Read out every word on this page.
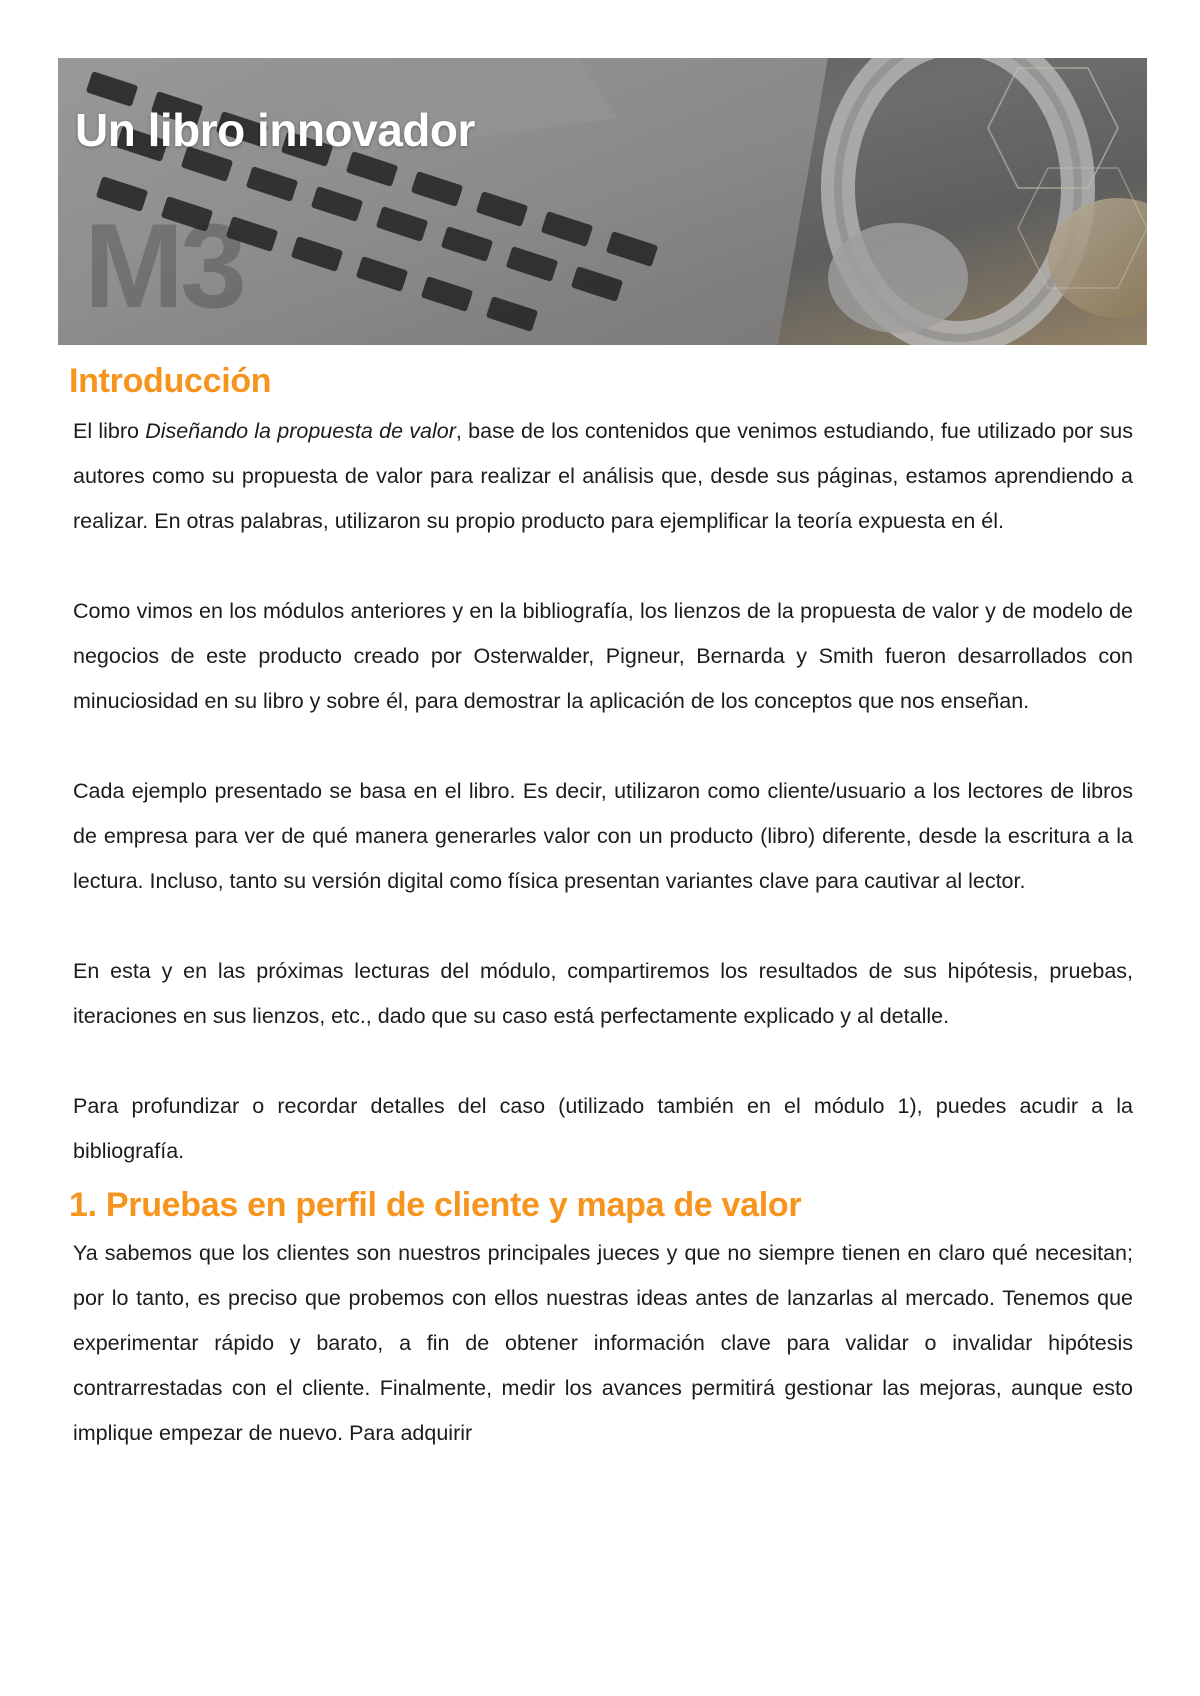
Un libro innovador
M3
Introducción

El libro Diseñando la propuesta de valor, base de los contenidos que venimos estudiando, fue utilizado por sus autores como su propuesta de valor para realizar el análisis que, desde sus páginas, estamos aprendiendo a realizar. En otras palabras, utilizaron su propio producto para ejemplificar la teoría expuesta en él.

Como vimos en los módulos anteriores y en la bibliografía, los lienzos de la propuesta de valor y de modelo de negocios de este producto creado por Osterwalder, Pigneur, Bernarda y Smith fueron desarrollados con minuciosidad en su libro y sobre él, para demostrar la aplicación de los conceptos que nos enseñan.

Cada ejemplo presentado se basa en el libro. Es decir, utilizaron como cliente/usuario a los lectores de libros de empresa para ver de qué manera generarles valor con un producto (libro) diferente, desde la escritura a la lectura. Incluso, tanto su versión digital como física presentan variantes clave para cautivar al lector.

En esta y en las próximas lecturas del módulo, compartiremos los resultados de sus hipótesis, pruebas, iteraciones en sus lienzos, etc., dado que su caso está perfectamente explicado y al detalle.

Para profundizar o recordar detalles del caso (utilizado también en el módulo 1), puedes acudir a la bibliografía.

1. Pruebas en perfil de cliente y mapa de valor

Ya sabemos que los clientes son nuestros principales jueces y que no siempre tienen en claro qué necesitan; por lo tanto, es preciso que probemos con ellos nuestras ideas antes de lanzarlas al mercado. Tenemos que experimentar rápido y barato, a fin de obtener información clave para validar o invalidar hipótesis contrarrestadas con el cliente. Finalmente, medir los avances permitirá gestionar las mejoras, aunque esto implique empezar de nuevo. Para adquirir
